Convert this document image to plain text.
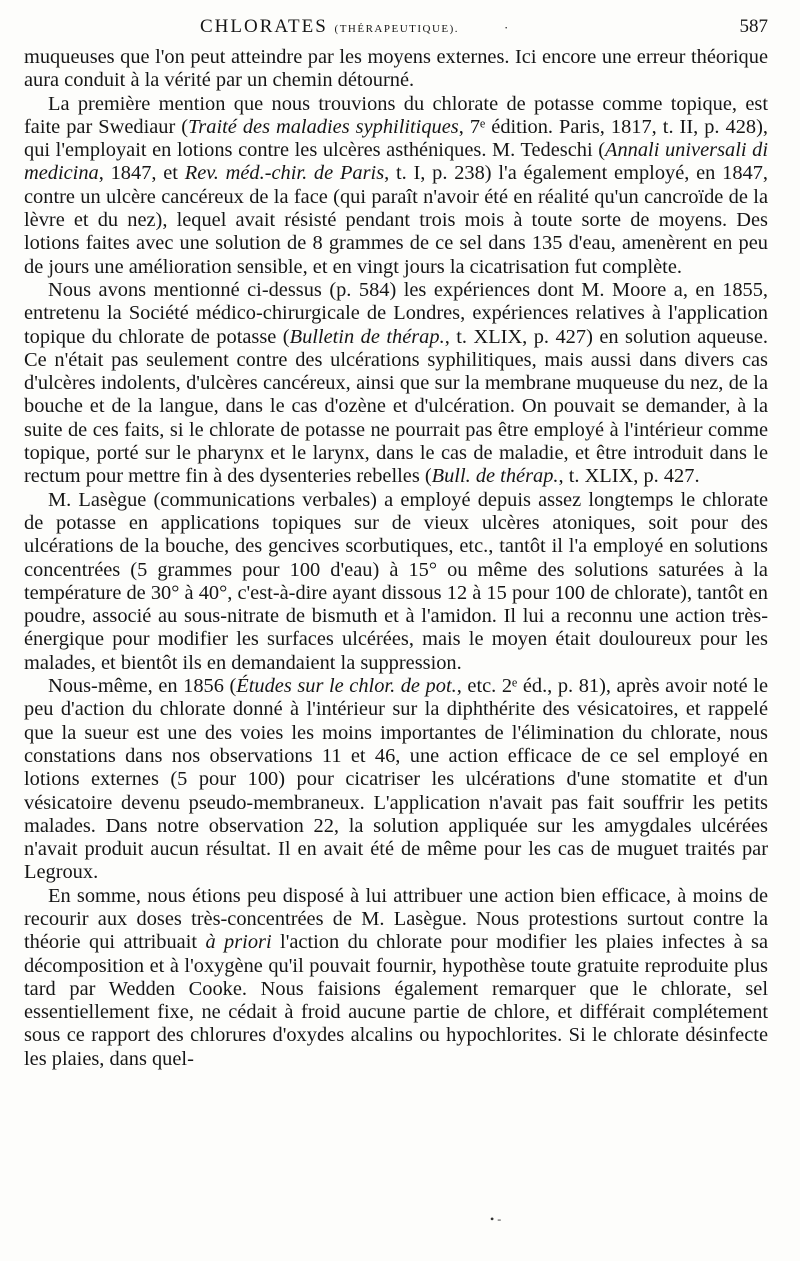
CHLORATES (THÉRAPEUTIQUE).	·	587

muqueuses que l'on peut atteindre par les moyens externes. Ici encore une erreur théorique aura conduit à la vérité par un chemin détourné.

La première mention que nous trouvions du chlorate de potasse comme topique, est faite par Swediaur (Traité des maladies syphilitiques, 7ᵉ édition. Paris, 1817, t. II, p. 428), qui l'employait en lotions contre les ulcères asthéniques. M. Tedeschi (Annali universali di medicina, 1847, et Rev. méd.-chir. de Paris, t. I, p. 238) l'a également employé, en 1847, contre un ulcère cancéreux de la face (qui paraît n'avoir été en réalité qu'un cancroïde de la lèvre et du nez), lequel avait résisté pendant trois mois à toute sorte de moyens. Des lotions faites avec une solution de 8 grammes de ce sel dans 135 d'eau, amenèrent en peu de jours une amélioration sensible, et en vingt jours la cicatrisation fut complète.

Nous avons mentionné ci-dessus (p. 584) les expériences dont M. Moore a, en 1855, entretenu la Société médico-chirurgicale de Londres, expériences relatives à l'application topique du chlorate de potasse (Bulletin de thérap., t. XLIX, p. 427) en solution aqueuse. Ce n'était pas seulement contre des ulcérations syphilitiques, mais aussi dans divers cas d'ulcères indolents, d'ulcères cancéreux, ainsi que sur la membrane muqueuse du nez, de la bouche et de la langue, dans le cas d'ozène et d'ulcération. On pouvait se demander, à la suite de ces faits, si le chlorate de potasse ne pourrait pas être employé à l'intérieur comme topique, porté sur le pharynx et le larynx, dans le cas de maladie, et être introduit dans le rectum pour mettre fin à des dysenteries rebelles (Bull. de thérap., t. XLIX, p. 427.

M. Lasègue (communications verbales) a employé depuis assez longtemps le chlorate de potasse en applications topiques sur de vieux ulcères atoniques, soit pour des ulcérations de la bouche, des gencives scorbutiques, etc., tantôt il l'a employé en solutions concentrées (5 grammes pour 100 d'eau) à 15° ou même des solutions saturées à la température de 30° à 40°, c'est-à-dire ayant dissous 12 à 15 pour 100 de chlorate), tantôt en poudre, associé au sous-nitrate de bismuth et à l'amidon. Il lui a reconnu une action très-énergique pour modifier les surfaces ulcérées, mais le moyen était douloureux pour les malades, et bientôt ils en demandaient la suppression.

Nous-même, en 1856 (Études sur le chlor. de pot., etc. 2ᵉ éd., p. 81), après avoir noté le peu d'action du chlorate donné à l'intérieur sur la diphthérite des vésicatoires, et rappelé que la sueur est une des voies les moins importantes de l'élimination du chlorate, nous constations dans nos observations 11 et 46, une action efficace de ce sel employé en lotions externes (5 pour 100) pour cicatriser les ulcérations d'une stomatite et d'un vésicatoire devenu pseudo-membraneux. L'application n'avait pas fait souffrir les petits malades. Dans notre observation 22, la solution appliquée sur les amygdales ulcérées n'avait produit aucun résultat. Il en avait été de même pour les cas de muguet traités par Legroux.

En somme, nous étions peu disposé à lui attribuer une action bien efficace, à moins de recourir aux doses très-concentrées de M. Lasègue. Nous protestions surtout contre la théorie qui attribuait à priori l'action du chlorate pour modifier les plaies infectes à sa décomposition et à l'oxygène qu'il pouvait fournir, hypothèse toute gratuite reproduite plus tard par Wedden Cooke. Nous faisions également remarquer que le chlorate, sel essentiellement fixe, ne cédait à froid aucune partie de chlore, et différait complétement sous ce rapport des chlorures d'oxydes alcalins ou hypochlorites. Si le chlorate désinfecte les plaies, dans quel-

• -
